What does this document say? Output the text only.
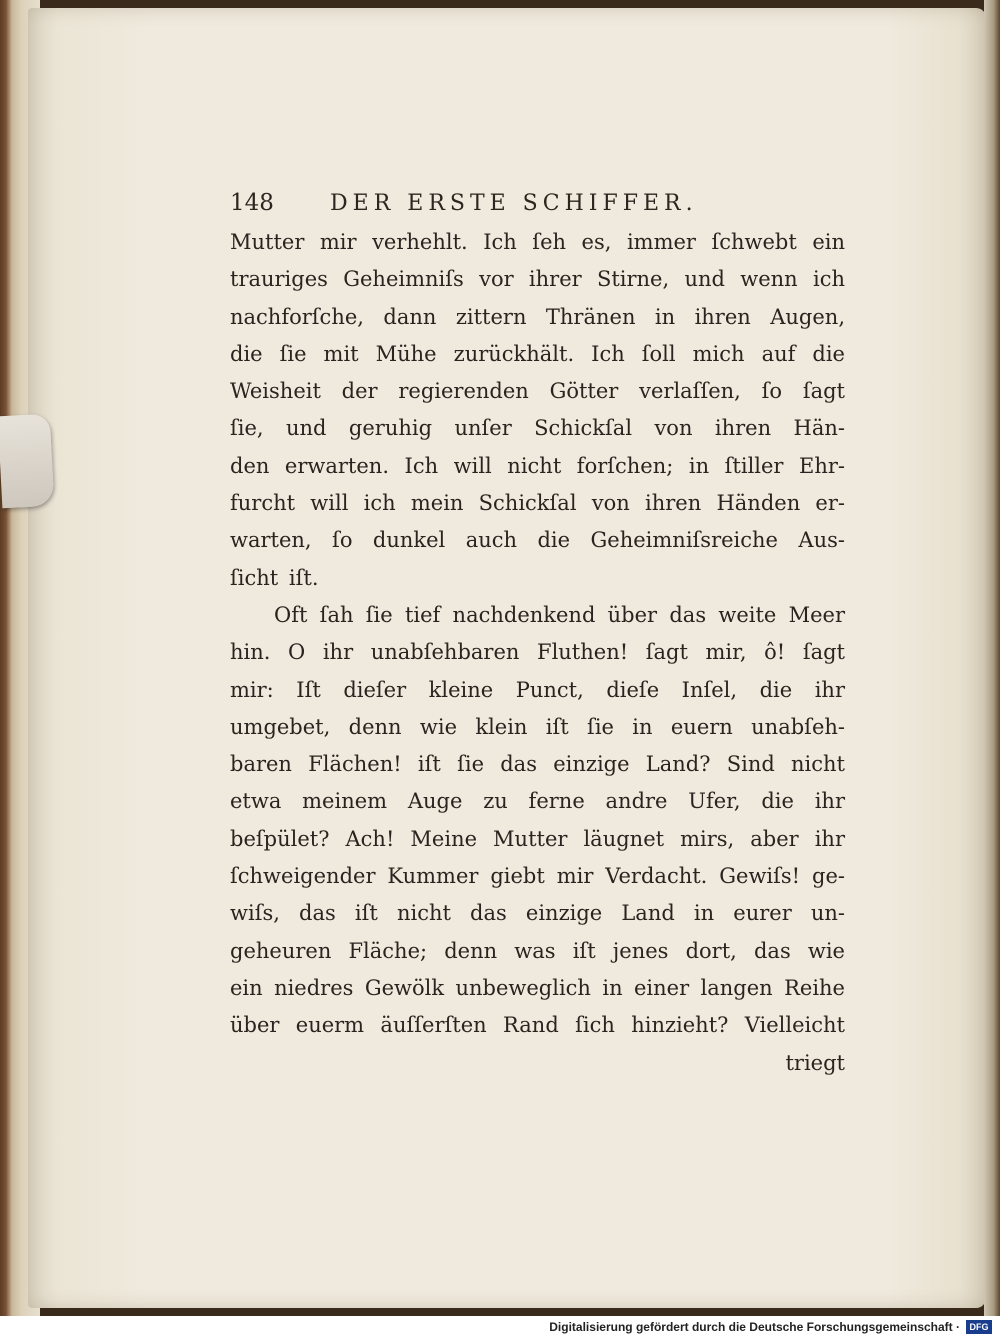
148	DER ERSTE SCHIFFER.
Mutter mir verhehlt. Ich ſeh es, immer ſchwebt ein
trauriges Geheimniſs vor ihrer Stirne, und wenn ich
nachforſche, dann zittern Thränen in ihren Augen,
die ſie mit Mühe zurückhält. Ich ſoll mich auf die
Weisheit der regierenden Götter verlaſſen, ſo ſagt
ſie, und geruhig unſer Schickſal von ihren Hän-
den erwarten. Ich will nicht forſchen; in ſtiller Ehr-
furcht will ich mein Schickſal von ihren Händen er-
warten, ſo dunkel auch die Geheimniſsreiche Aus-
ſicht iſt.
Oft ſah ſie tief nachdenkend über das weite Meer
hin. O ihr unabſehbaren Fluthen! ſagt mir, ô! ſagt
mir: Iſt dieſer kleine Punct, dieſe Inſel, die ihr
umgebet, denn wie klein iſt ſie in euern unabſeh-
baren Flächen! iſt ſie das einzige Land? Sind nicht
etwa meinem Auge zu ferne andre Ufer, die ihr
beſpület? Ach! Meine Mutter läugnet mirs, aber ihr
ſchweigender Kummer giebt mir Verdacht. Gewiſs! ge-
wiſs, das iſt nicht das einzige Land in eurer un-
geheuren Fläche; denn was iſt jenes dort, das wie
ein niedres Gewölk unbeweglich in einer langen Reihe
über euerm äuſſerſten Rand ſich hinzieht? Vielleicht
triegt
Digitalisierung gefördert durch die Deutsche Forschungsgemeinschaft ·	DFG
